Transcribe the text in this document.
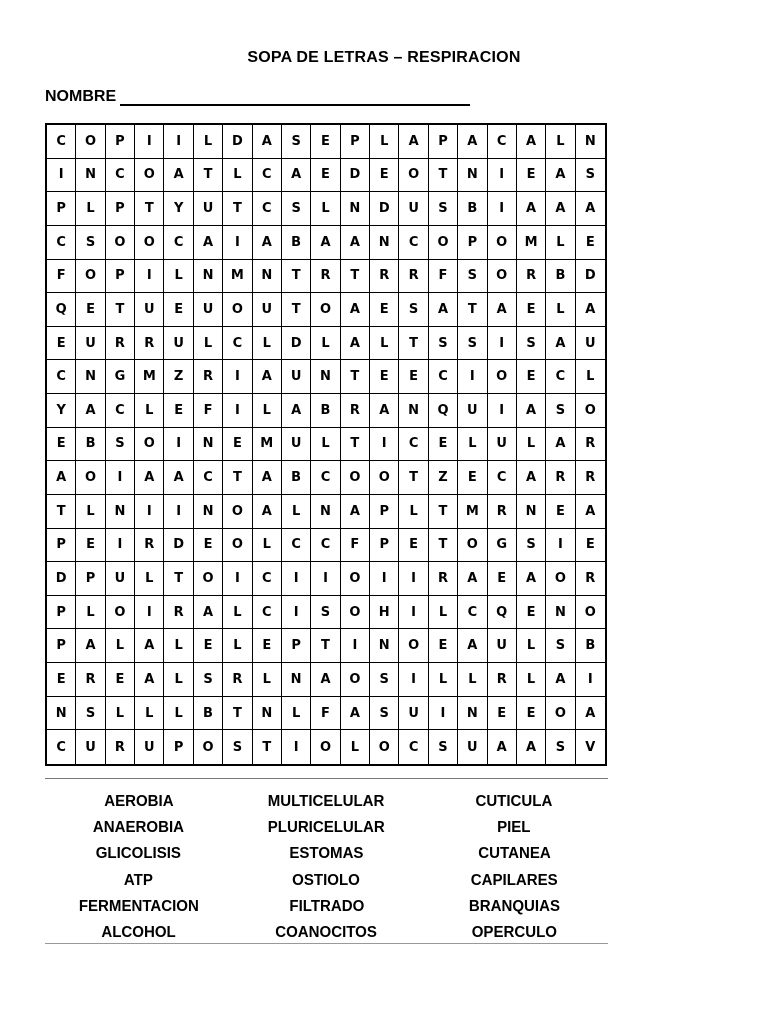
SOPA DE LETRAS – RESPIRACION
NOMBRE
C	O	P	I	I	L	D	A	S	E	P	L	A	P	A	C	A	L	N
I	N	C	O	A	T	L	C	A	E	D	E	O	T	N	I	E	A	S
P	L	P	T	Y	U	T	C	S	L	N	D	U	S	B	I	A	A	A
C	S	O	O	C	A	I	A	B	A	A	N	C	O	P	O	M	L	E
F	O	P	I	L	N	M	N	T	R	T	R	R	F	S	O	R	B	D
Q	E	T	U	E	U	O	U	T	O	A	E	S	A	T	A	E	L	A
E	U	R	R	U	L	C	L	D	L	A	L	T	S	S	I	S	A	U
C	N	G	M	Z	R	I	A	U	N	T	E	E	C	I	O	E	C	L
Y	A	C	L	E	F	I	L	A	B	R	A	N	Q	U	I	A	S	O
E	B	S	O	I	N	E	M	U	L	T	I	C	E	L	U	L	A	R
A	O	I	A	A	C	T	A	B	C	O	O	T	Z	E	C	A	R	R
T	L	N	I	I	N	O	A	L	N	A	P	L	T	M	R	N	E	A
P	E	I	R	D	E	O	L	C	C	F	P	E	T	O	G	S	I	E
D	P	U	L	T	O	I	C	I	I	O	I	I	R	A	E	A	O	R
P	L	O	I	R	A	L	C	I	S	O	H	I	L	C	Q	E	N	O
P	A	L	A	L	E	L	E	P	T	I	N	O	E	A	U	L	S	B
E	R	E	A	L	S	R	L	N	A	O	S	I	L	L	R	L	A	I
N	S	L	L	L	B	T	N	L	F	A	S	U	I	N	E	E	O	A
C	U	R	U	P	O	S	T	I	O	L	O	C	S	U	A	A	S	V
AEROBIA
ANAEROBIA
GLICOLISIS
ATP
FERMENTACION
ALCOHOL
MULTICELULAR
PLURICELULAR
ESTOMAS
OSTIOLO
FILTRADO
COANOCITOS
CUTICULA
PIEL
CUTANEA
CAPILARES
BRANQUIAS
OPERCULO
